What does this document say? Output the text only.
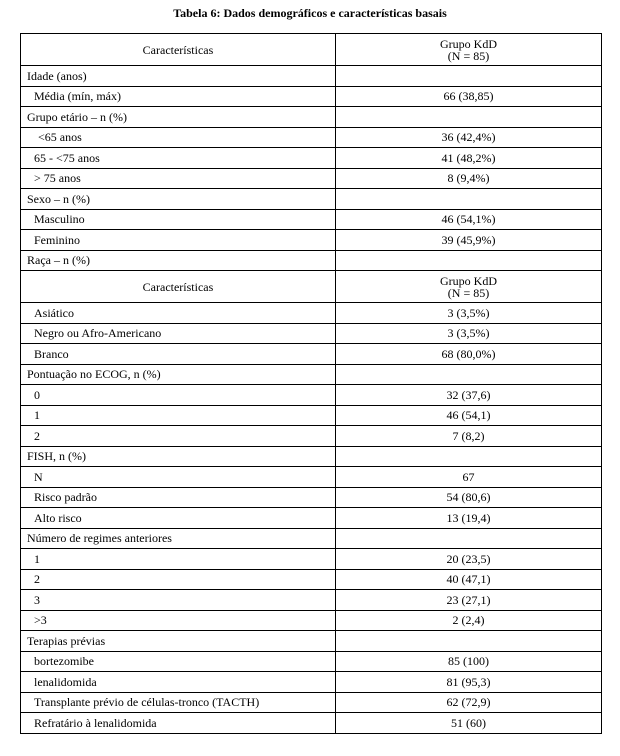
Tabela 6: Dados demográficos e características basais
Características	Grupo KdD
(N = 85)

Idade (anos)	
Média (mín, máx)	66 (38,85)
Grupo etário – n (%)	
<65 anos	36 (42,4%)
65 - <75 anos	41 (48,2%)
> 75 anos	8 (9,4%)
Sexo – n (%)	
Masculino	46 (54,1%)
Feminino	39 (45,9%)
Raça – n (%)	
Características	Grupo KdD
(N = 85)

Asiático	3 (3,5%)
Negro ou Afro-Americano	3 (3,5%)
Branco	68 (80,0%)
Pontuação no ECOG, n (%)	
0	32 (37,6)
1	46 (54,1)
2	7 (8,2)
FISH, n (%)	
N	67
Risco padrão	54 (80,6)
Alto risco	13 (19,4)
Número de regimes anteriores	
1	20 (23,5)
2	40 (47,1)
3	23 (27,1)
>3	2 (2,4)
Terapias prévias	
bortezomibe	85 (100)
lenalidomida	81 (95,3)
Transplante prévio de células-tronco (TACTH)	62 (72,9)
Refratário à lenalidomida	51 (60)
